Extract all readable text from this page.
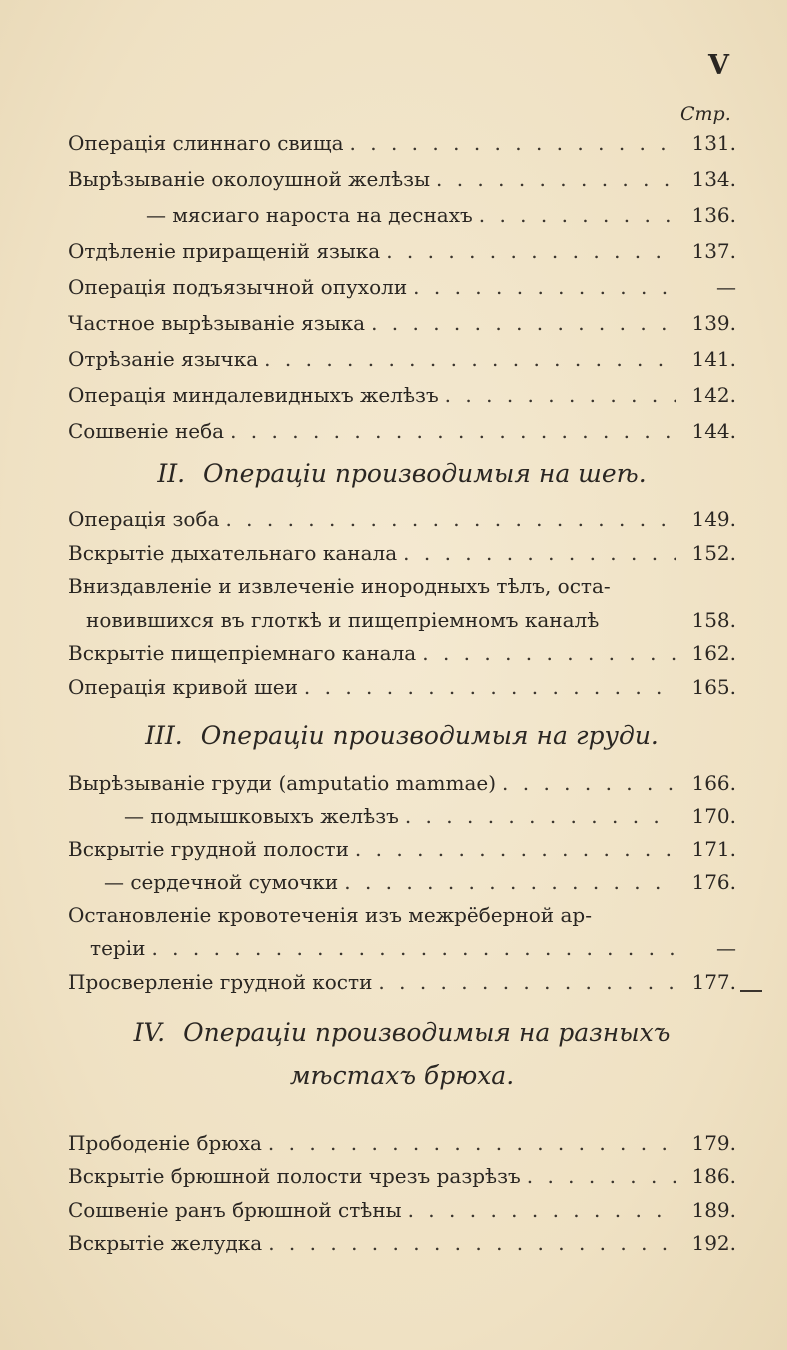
V
Стр.
Операція слиннаго свища . . .	131.
Вырѣзываніе околоушной желѣзы . . .	134.
— мясиаго нароста на деснахъ . . .	136.
Отдѣленіе приращеній языка . . .	137.
Операція подъязычной опухоли . . .	—
Частное вырѣзываніе языка . . .	139.
Отрѣзаніе язычка . . .	141.
Операція миндалевидныхъ желѣзъ . . .	142.
Сошвеніе неба . . .	144.
II. Операціи производимыя на шеѣ.
Операція зоба . . .	149.
Вскрытіе дыхательнаго канала . . .	152.
Вниздавленіе и извлеченіе инородныхъ тѣлъ, оста-
новившихся въ глоткѣ и пищепріемномъ каналѣ	158.
Вскрытіе пищепріемнаго канала . . .	162.
Операція кривой шеи . . .	165.
III. Операціи производимыя на груди.
Вырѣзываніе груди (amputatio mammae) . . .	166.
— подмышковыхъ желѣзъ . . .	170.
Вскрытіе грудной полости . . .	171.
— сердечной сумочки . . .	176.
Остановленіе кровотеченія изъ межрёберной ар-
теріи . . .	—
Просверленіе грудной кости . . .	177.
IV. Операціи производимыя на разныхъ
мѣстахъ брюха.
Прободеніе брюха . . .	179.
Вскрытіе брюшной полости чрезъ разрѣзъ . . .	186.
Сошвеніе ранъ брюшной стѣны . . .	189.
Вскрытіе желудка . . .	192.
